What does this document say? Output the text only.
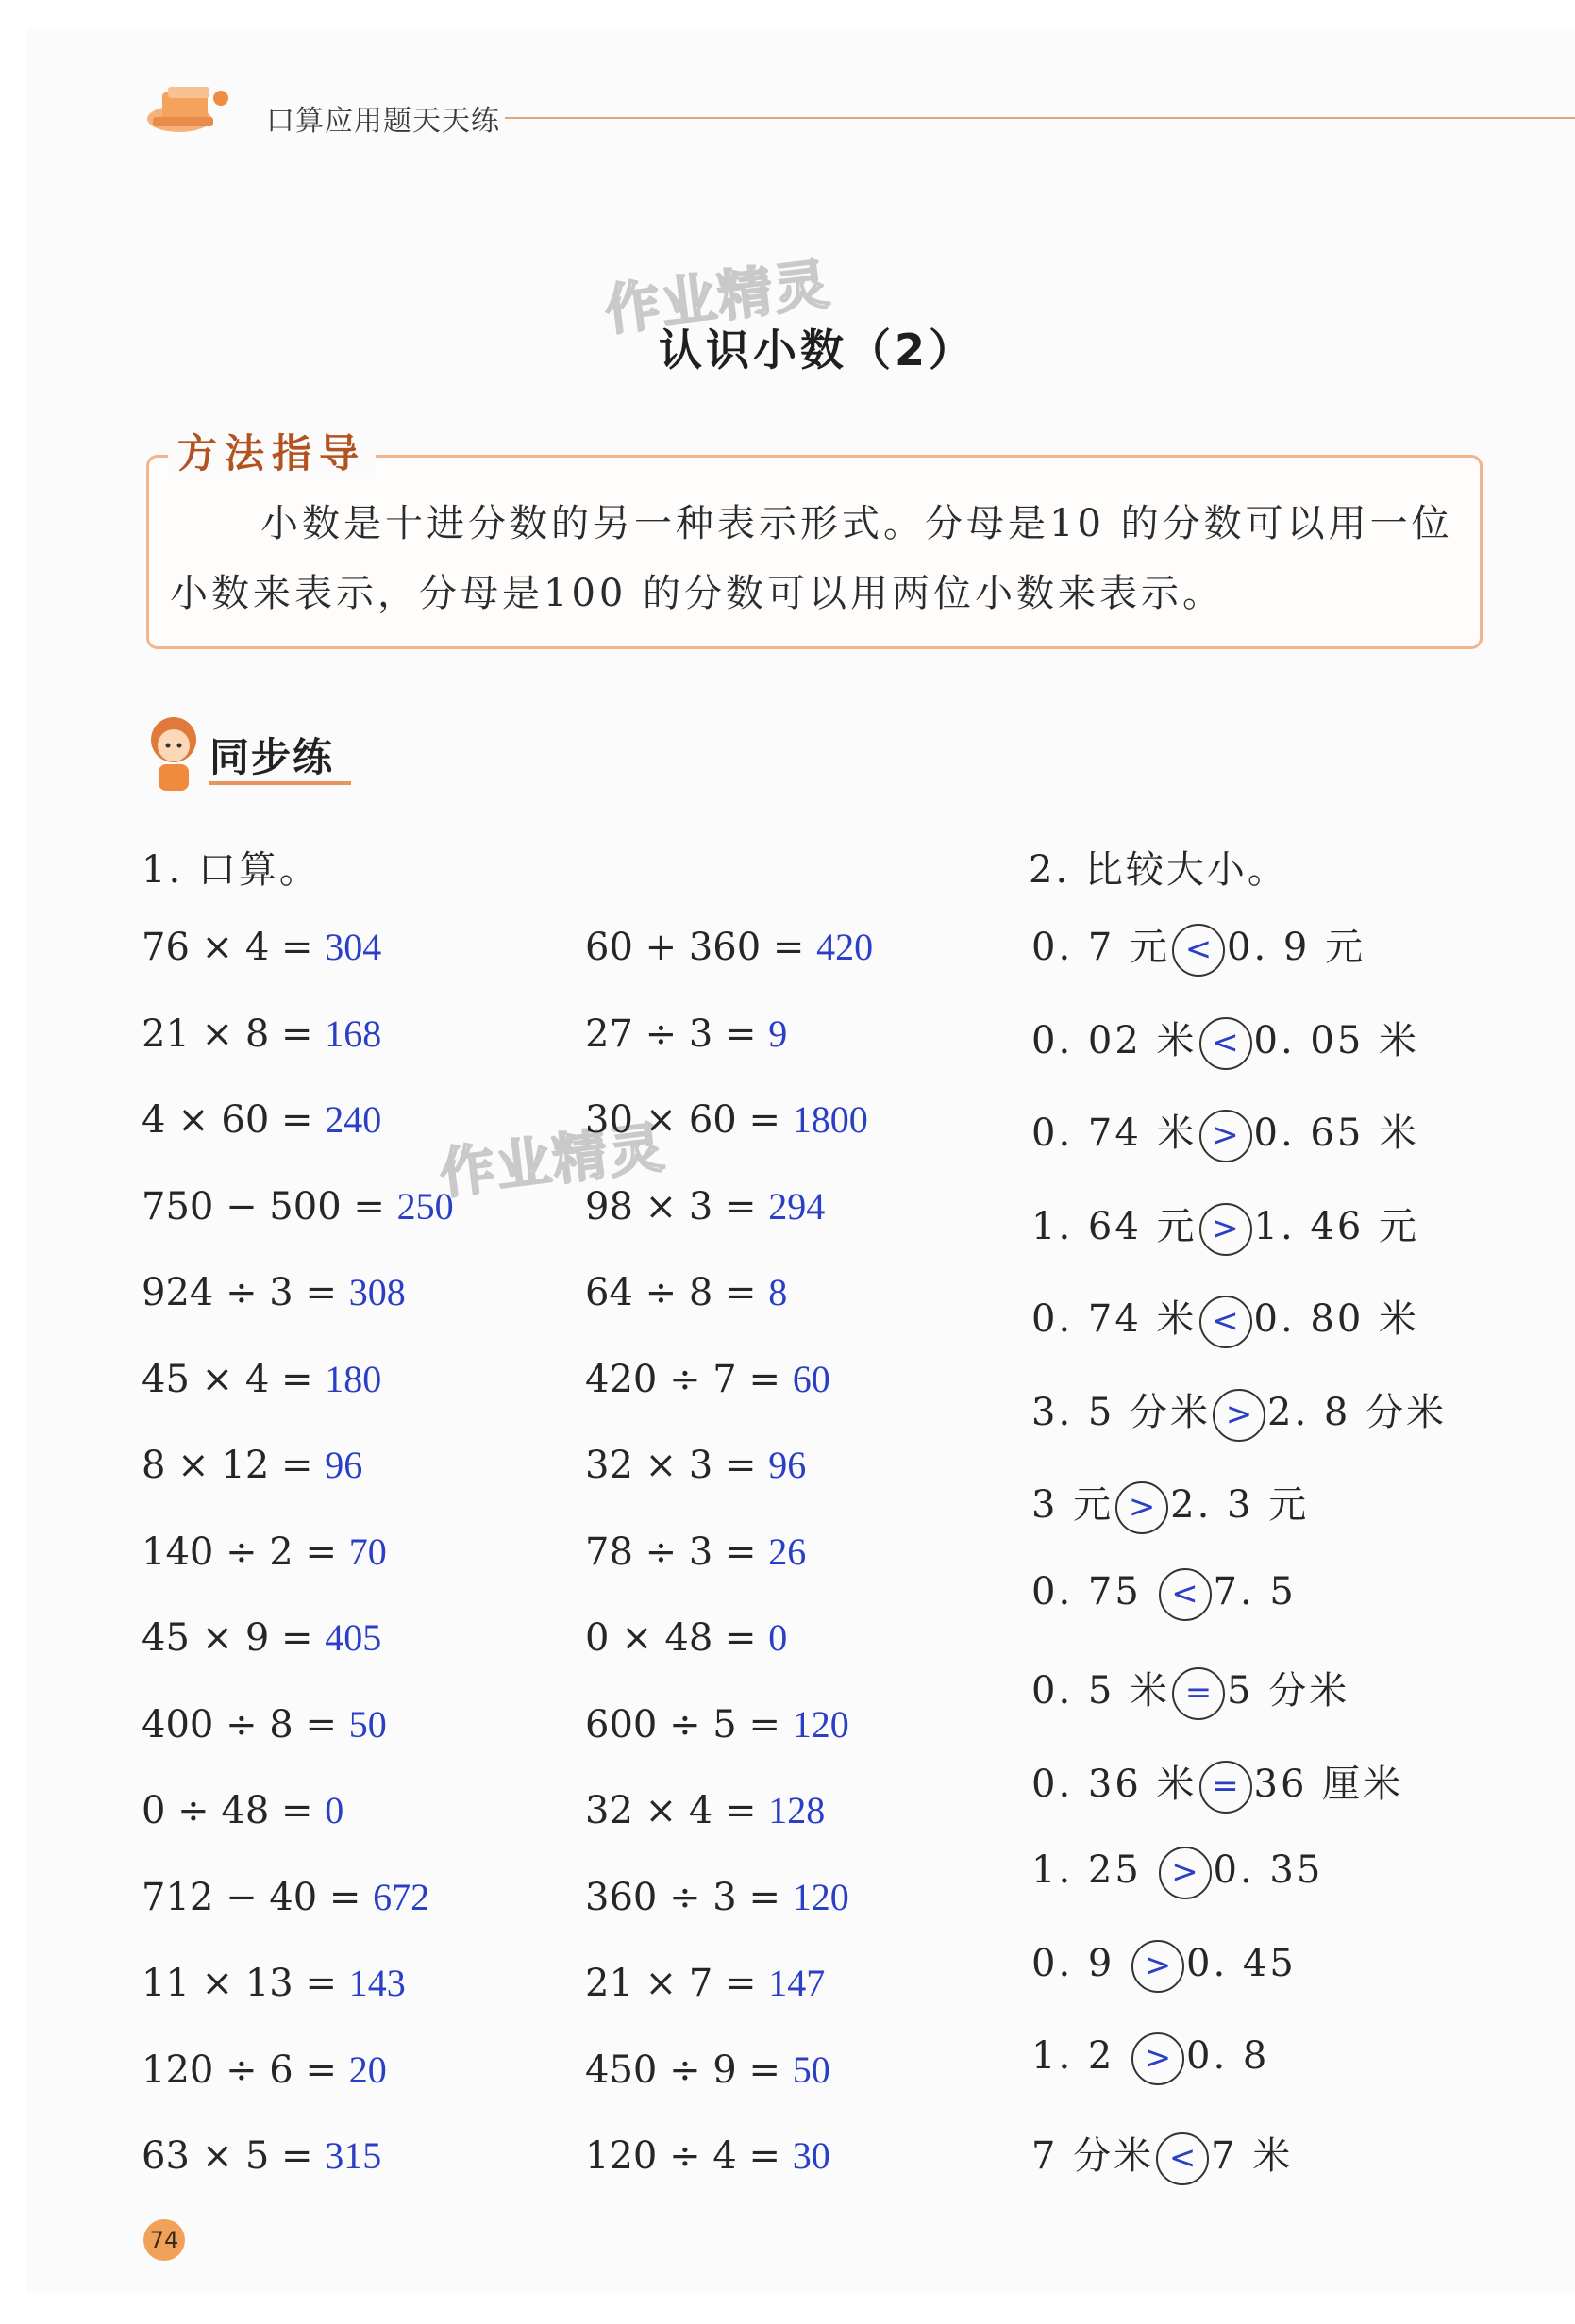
口算应用题天天练
作业精灵
作业精灵
认识小数（2）
方法指导
小数是十进分数的另一种表示形式。分母是10 的分数可以用一位小数来表示，分母是100 的分数可以用两位小数来表示。
同步练
1. 口算。	2. 比较大小。
76 × 4 = 304
21 × 8 = 168
4 × 60 = 240
750 − 500 = 250
924 ÷ 3 = 308
45 × 4 = 180
8 × 12 = 96
140 ÷ 2 = 70
45 × 9 = 405
400 ÷ 8 = 50
0 ÷ 48 = 0
712 − 40 = 672
11 × 13 = 143
120 ÷ 6 = 20
63 × 5 = 315
60 + 360 = 420
27 ÷ 3 = 9
30 × 60 = 1800
98 × 3 = 294
64 ÷ 8 = 8
420 ÷ 7 = 60
32 × 3 = 96
78 ÷ 3 = 26
0 × 48 = 0
600 ÷ 5 = 120
32 × 4 = 128
360 ÷ 3 = 120
21 × 7 = 147
450 ÷ 9 = 50
120 ÷ 4 = 30
0. 7 元 < 0. 9 元
0. 02 米 < 0. 05 米
0. 74 米 > 0. 65 米
1. 64 元 > 1. 46 元
0. 74 米 < 0. 80 米
3. 5 分米 > 2. 8 分米
3 元 > 2. 3 元
0. 75 < 7. 5
0. 5 米 = 5 分米
0. 36 米 = 36 厘米
1. 25 > 0. 35
0. 9 > 0. 45
1. 2 > 0. 8
7 分米 < 7 米
74
